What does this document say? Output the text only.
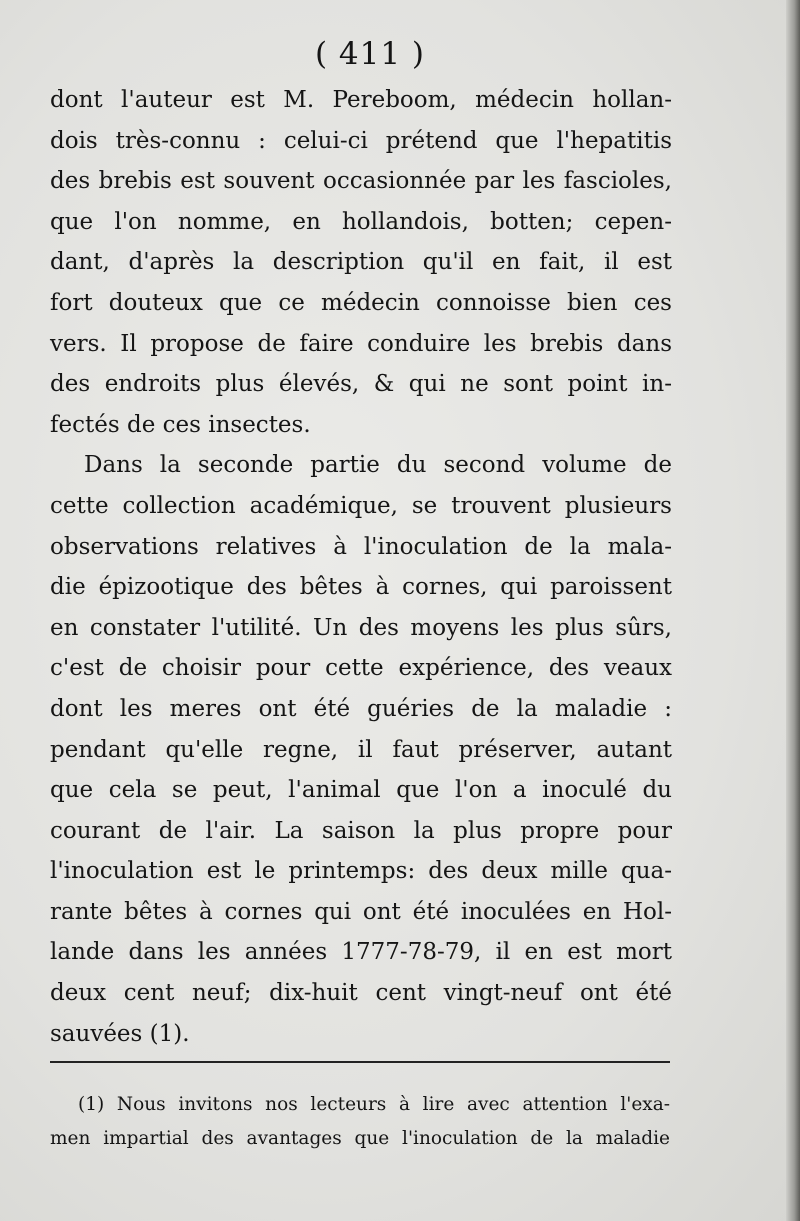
( 411 )
dont l'auteur est M. Pereboom, médecin hollan-
dois très-connu : celui-ci prétend que l'hepatitis
des brebis est souvent occasionnée par les fascioles,
que l'on nomme, en hollandois, botten; cepen-
dant, d'après la description qu'il en fait, il est
fort douteux que ce médecin connoisse bien ces
vers. Il propose de faire conduire les brebis dans
des endroits plus élevés, & qui ne sont point in-
fectés de ces insectes.
Dans la seconde partie du second volume de
cette collection académique, se trouvent plusieurs
observations relatives à l'inoculation de la mala-
die épizootique des bêtes à cornes, qui paroissent
en constater l'utilité. Un des moyens les plus sûrs,
c'est de choisir pour cette expérience, des veaux
dont les meres ont été guéries de la maladie :
pendant qu'elle regne, il faut préserver, autant
que cela se peut, l'animal que l'on a inoculé du
courant de l'air. La saison la plus propre pour
l'inoculation est le printemps: des deux mille qua-
rante bêtes à cornes qui ont été inoculées en Hol-
lande dans les années 1777-78-79, il en est mort
deux cent neuf; dix-huit cent vingt-neuf ont été
sauvées (1).
(1) Nous invitons nos lecteurs à lire avec attention l'exa-
men impartial des avantages que l'inoculation de la maladie
